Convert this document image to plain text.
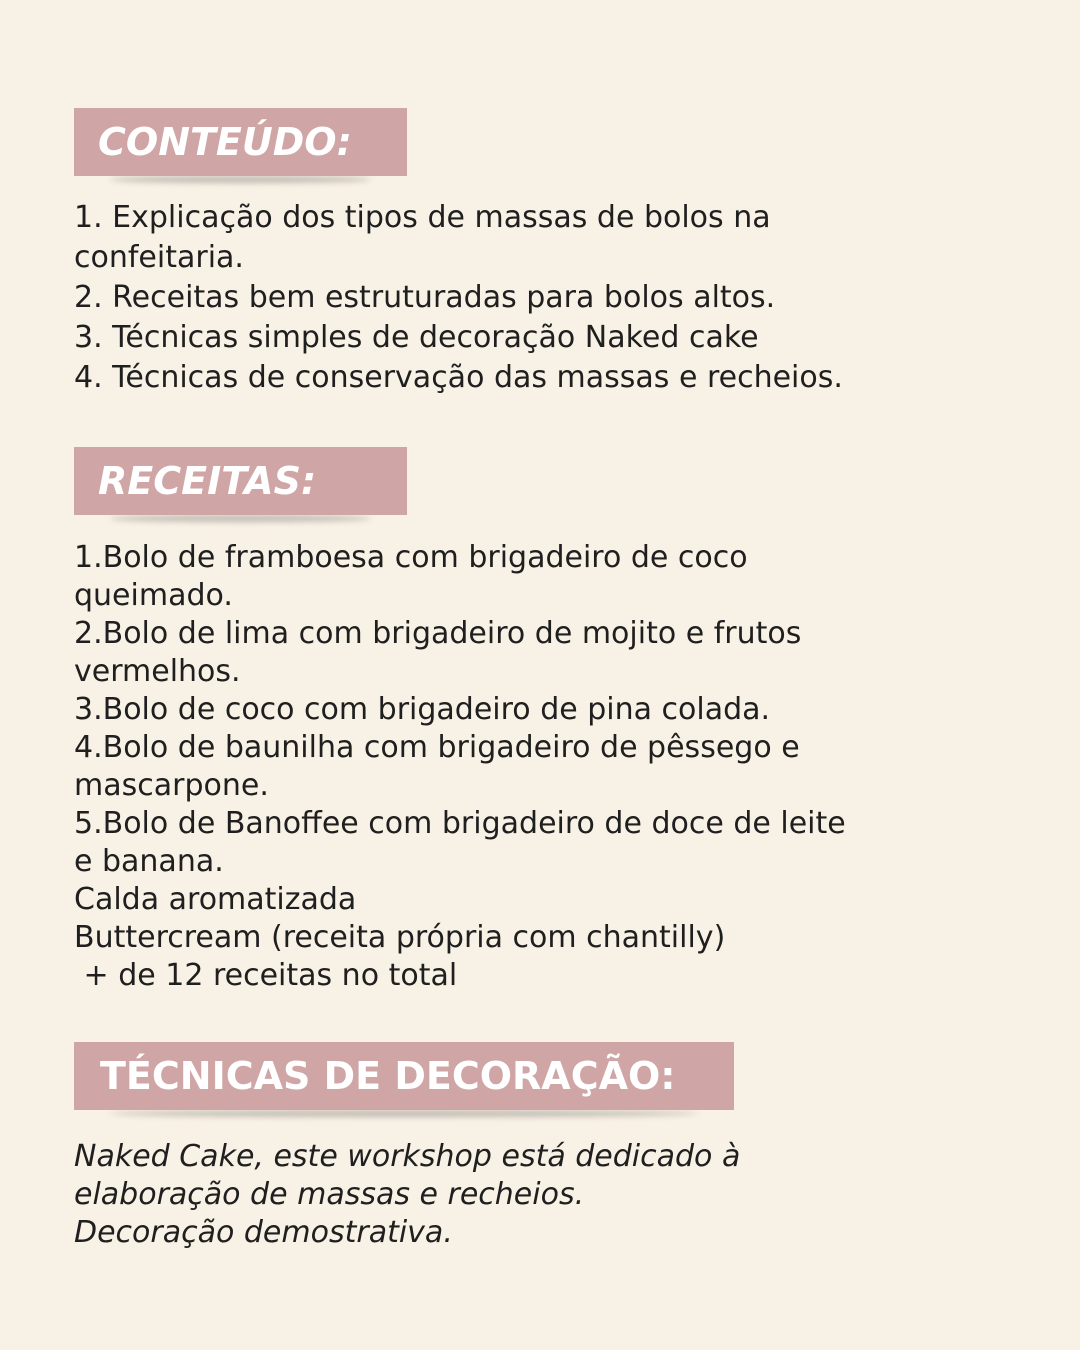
CONTEÚDO:
1. Explicação dos tipos de massas de bolos na
confeitaria.
2. Receitas bem estruturadas para bolos altos.
3. Técnicas simples de decoração Naked cake
4. Técnicas de conservação das massas e recheios.
RECEITAS:
1.Bolo de framboesa com brigadeiro de coco
queimado.
2.Bolo de lima com brigadeiro de mojito e frutos
vermelhos.
3.Bolo de coco com brigadeiro de pina colada.
4.Bolo de baunilha com brigadeiro de pêssego e
mascarpone.
5.Bolo de Banoffee com brigadeiro de doce de leite
e banana.
Calda aromatizada
Buttercream (receita própria com chantilly)
+ de 12 receitas no total
TÉCNICAS DE DECORAÇÃO:
Naked Cake, este workshop está dedicado à
elaboração de massas e recheios.
Decoração demostrativa.
